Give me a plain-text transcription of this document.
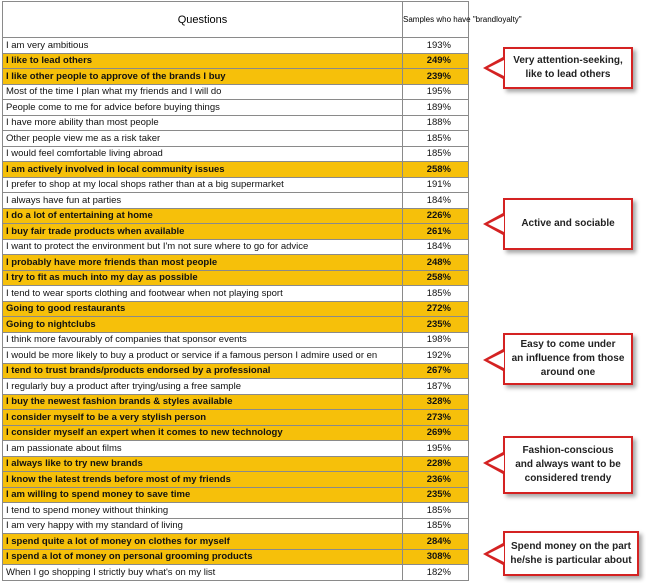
Questions	Samples who have "brandloyalty"
I am very ambitious	193%
I like to lead others	249%
I like other people to approve of the brands I buy	239%
Most of the time I plan what my friends and I will do	195%
People come to me for advice before buying things	189%
I have more ability than most people	188%
Other people view me as a risk taker	185%
I would feel comfortable living abroad	185%
I am actively involved in local community issues	258%
I prefer to shop at my local shops rather than at a big supermarket	191%
I always have fun at parties	184%
I do a lot of entertaining at home	226%
I buy fair trade products when available	261%
I want to protect the environment but I'm not sure where to go for advice	184%
I probably have more friends than most people	248%
I try to fit as much into my day as possible	258%
I tend to wear sports clothing and footwear when not playing sport	185%
Going to good restaurants	272%
Going to nightclubs	235%
I think more favourably of companies that sponsor events	198%
I would be more likely to buy a product or service if a famous person I admire used or en	192%
I tend to trust brands/products endorsed by a professional	267%
I regularly buy a product after trying/using a free sample	187%
I buy the newest fashion brands & styles available	328%
I consider myself to be a very stylish person	273%
I consider myself an expert when it comes to new technology	269%
I am passionate about films	195%
I always like to try new brands	228%
I know the latest trends before most of my friends	236%
I am willing to spend money to save time	235%
I tend to spend money without thinking	185%
I am very happy with my standard of living	185%
I spend quite a lot of money on clothes for myself	284%
I spend a lot of money on personal grooming products	308%
When I go shopping I strictly buy what's on my list	182%
Very attention-seeking,
like to lead others
Active and sociable
Easy to come under
an influence from those
around one
Fashion-conscious
and always want to be
considered trendy
Spend money on the part
he/she is particular about
